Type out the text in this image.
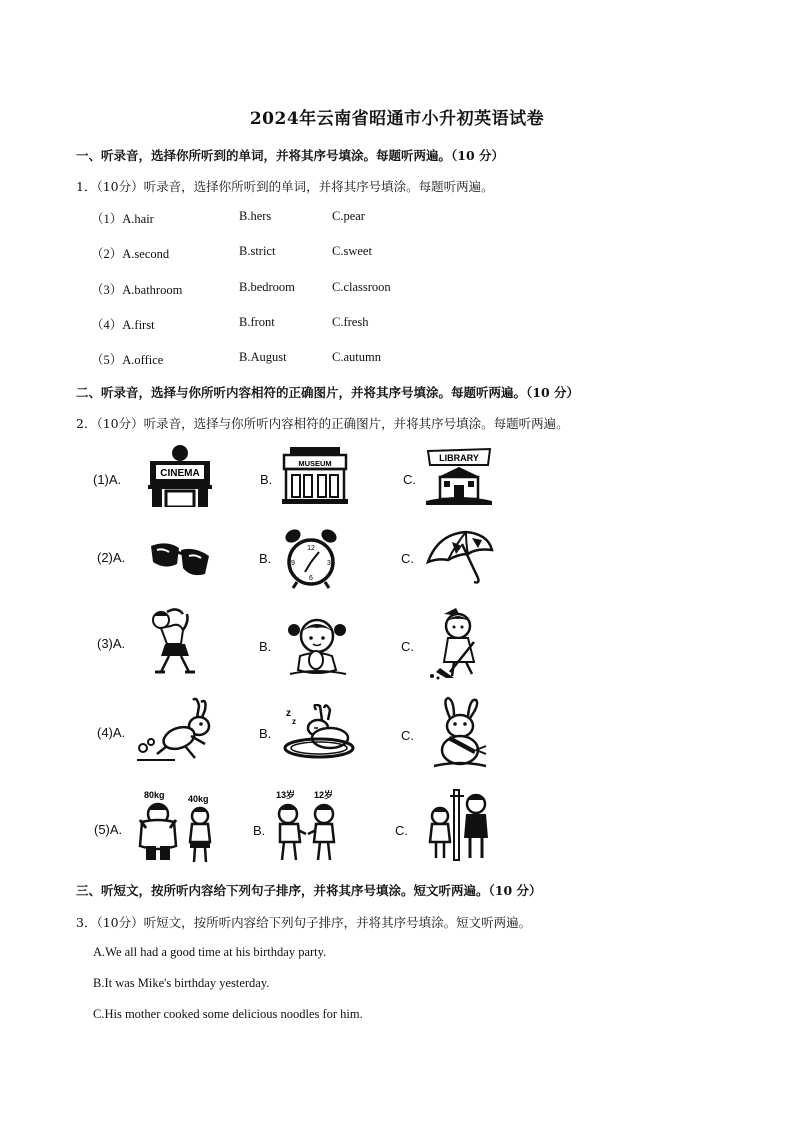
2024年云南省昭通市小升初英语试卷
一、听录音，选择你所听到的单词，并将其序号填涂。每题听两遍。（10 分）
1．（10分）听录音，选择你所听到的单词，并将其序号填涂。每题听两遍。
（1）A.hair	B.hers	C.pear
（2）A.second	B.strict	C.sweet
（3）A.bathroom	B.bedroom	C.classroon
（4）A.first	B.front	C.fresh
（5）A.office	B.August	C.autumn
二、听录音，选择与你所听内容相符的正确图片，并将其序号填涂。每题听两遍。（10 分）
2．（10分）听录音，选择与你所听内容相符的正确图片，并将其序号填涂。每题听两遍。
(1)A.	B.	C.
(2)A.	B.	C.
(3)A.	B.	C.
(4)A.	B.	C.
(5)A.	B.	C.
CINEMA
MUSEUM
LIBRARY
12
3
6
9
z
z
80kg	40kg	13岁 12岁
三、听短文，按所听内容给下列句子排序，并将其序号填涂。短文听两遍。（10 分）
3．（10分）听短文，按所听内容给下列句子排序，并将其序号填涂。短文听两遍。
A.We all had a good time at his birthday party.
B.It was Mike's birthday yesterday.
C.His mother cooked some delicious noodles for him.
